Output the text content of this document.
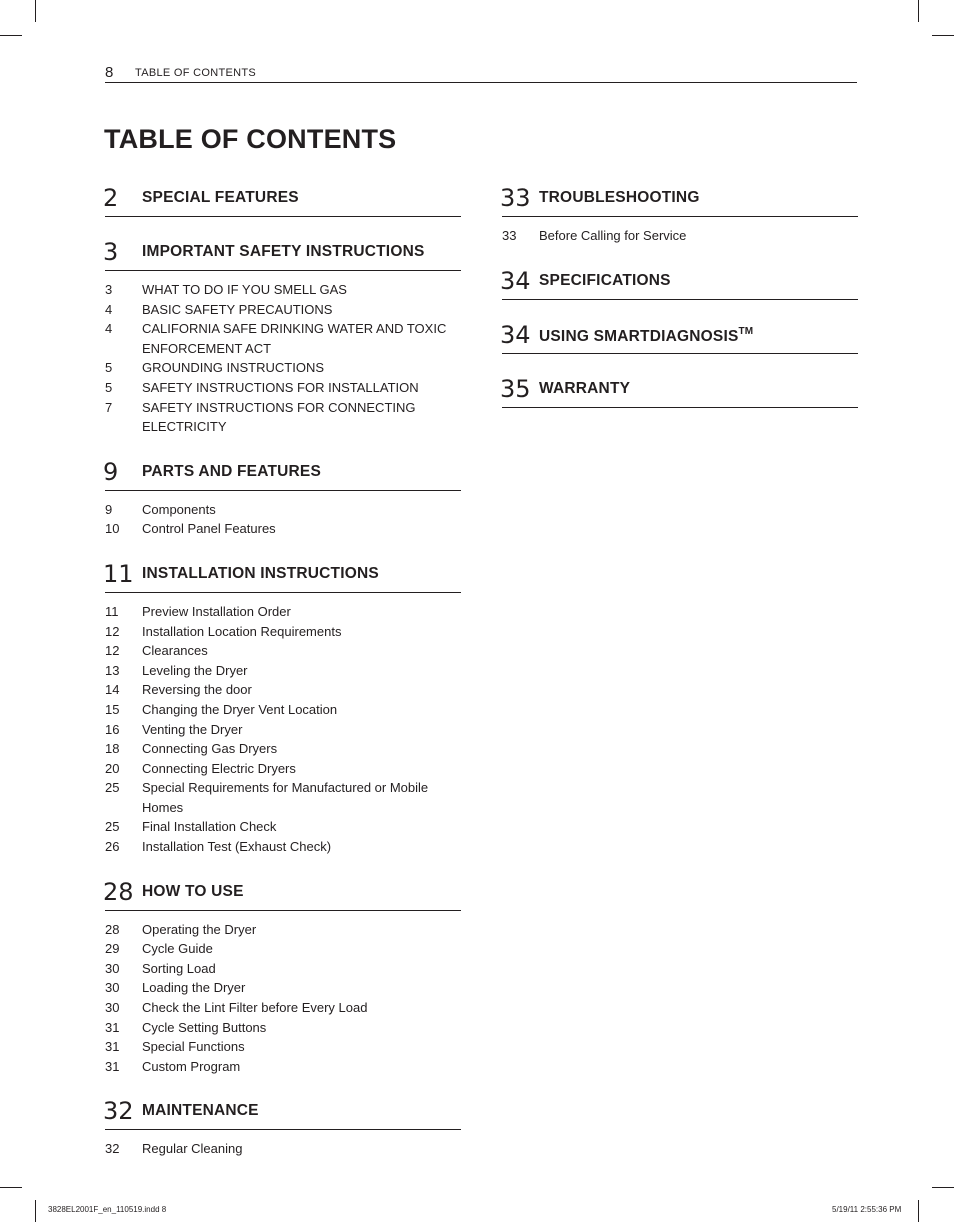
8 TABLE OF CONTENTS
TABLE OF CONTENTS
2 SPECIAL FEATURES
3 IMPORTANT SAFETY INSTRUCTIONS
3	WHAT TO DO IF YOU SMELL GAS
4	BASIC SAFETY PRECAUTIONS
4	CALIFORNIA SAFE DRINKING WATER AND TOXIC ENFORCEMENT ACT
5	GROUNDING INSTRUCTIONS
5	SAFETY INSTRUCTIONS FOR INSTALLATION
7	SAFETY INSTRUCTIONS FOR CONNECTING ELECTRICITY
9 PARTS AND FEATURES
9	Components
10	Control Panel Features
11 INSTALLATION INSTRUCTIONS
11	Preview Installation Order
12	Installation Location Requirements
12	Clearances
13	Leveling the Dryer
14	Reversing the door
15	Changing the Dryer Vent Location
16	Venting the Dryer
18	Connecting Gas Dryers
20	Connecting Electric Dryers
25	Special Requirements for Manufactured or Mobile Homes
25	Final Installation Check
26	Installation Test (Exhaust Check)
28 HOW TO USE
28	Operating the Dryer
29	Cycle Guide
30	Sorting Load
30	Loading the Dryer
30	Check the Lint Filter before Every Load
31	Cycle Setting Buttons
31	Special Functions
31	Custom Program
32 MAINTENANCE
32	Regular Cleaning
33 TROUBLESHOOTING
33	Before Calling for Service
34 SPECIFICATIONS
34 USING SMARTDIAGNOSIS™
35 WARRANTY
3828EL2001F_en_110519.indd 8	5/19/11 2:55:36 PM
